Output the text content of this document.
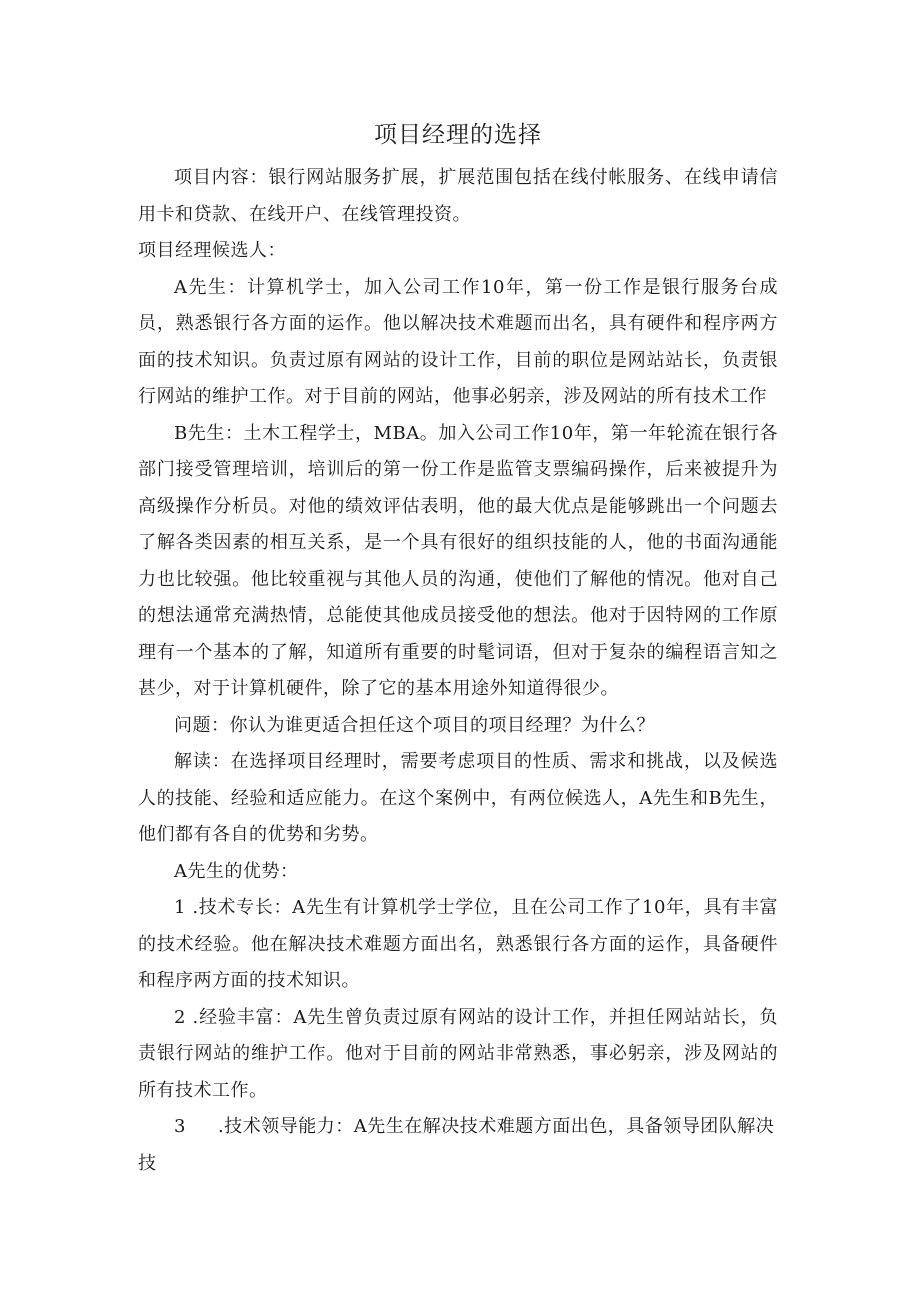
项目经理的选择

项目内容：银行网站服务扩展，扩展范围包括在线付帐服务、在线申请信用卡和贷款、在线开户、在线管理投资。

项目经理候选人：

A先生：计算机学士，加入公司工作10年，第一份工作是银行服务台成员，熟悉银行各方面的运作。他以解决技术难题而出名，具有硬件和程序两方面的技术知识。负责过原有网站的设计工作，目前的职位是网站站长，负责银行网站的维护工作。对于目前的网站，他事必躬亲，涉及网站的所有技术工作

B先生：土木工程学士，MBA。加入公司工作10年，第一年轮流在银行各部门接受管理培训，培训后的第一份工作是监管支票编码操作，后来被提升为高级操作分析员。对他的绩效评估表明，他的最大优点是能够跳出一个问题去了解各类因素的相互关系，是一个具有很好的组织技能的人，他的书面沟通能力也比较强。他比较重视与其他人员的沟通，使他们了解他的情况。他对自己的想法通常充满热情，总能使其他成员接受他的想法。他对于因特网的工作原理有一个基本的了解，知道所有重要的时髦词语，但对于复杂的编程语言知之甚少，对于计算机硬件，除了它的基本用途外知道得很少。

问题：你认为谁更适合担任这个项目的项目经理？为什么？

解读：在选择项目经理时，需要考虑项目的性质、需求和挑战，以及候选人的技能、经验和适应能力。在这个案例中，有两位候选人，A先生和B先生，他们都有各自的优势和劣势。

A先生的优势：

1 .技术专长：A先生有计算机学士学位，且在公司工作了10年，具有丰富的技术经验。他在解决技术难题方面出名，熟悉银行各方面的运作，具备硬件和程序两方面的技术知识。

2 .经验丰富：A先生曾负责过原有网站的设计工作，并担任网站站长，负责银行网站的维护工作。他对于目前的网站非常熟悉，事必躬亲，涉及网站的所有技术工作。

3 .技术领导能力：A先生在解决技术难题方面出色，具备领导团队解决技
